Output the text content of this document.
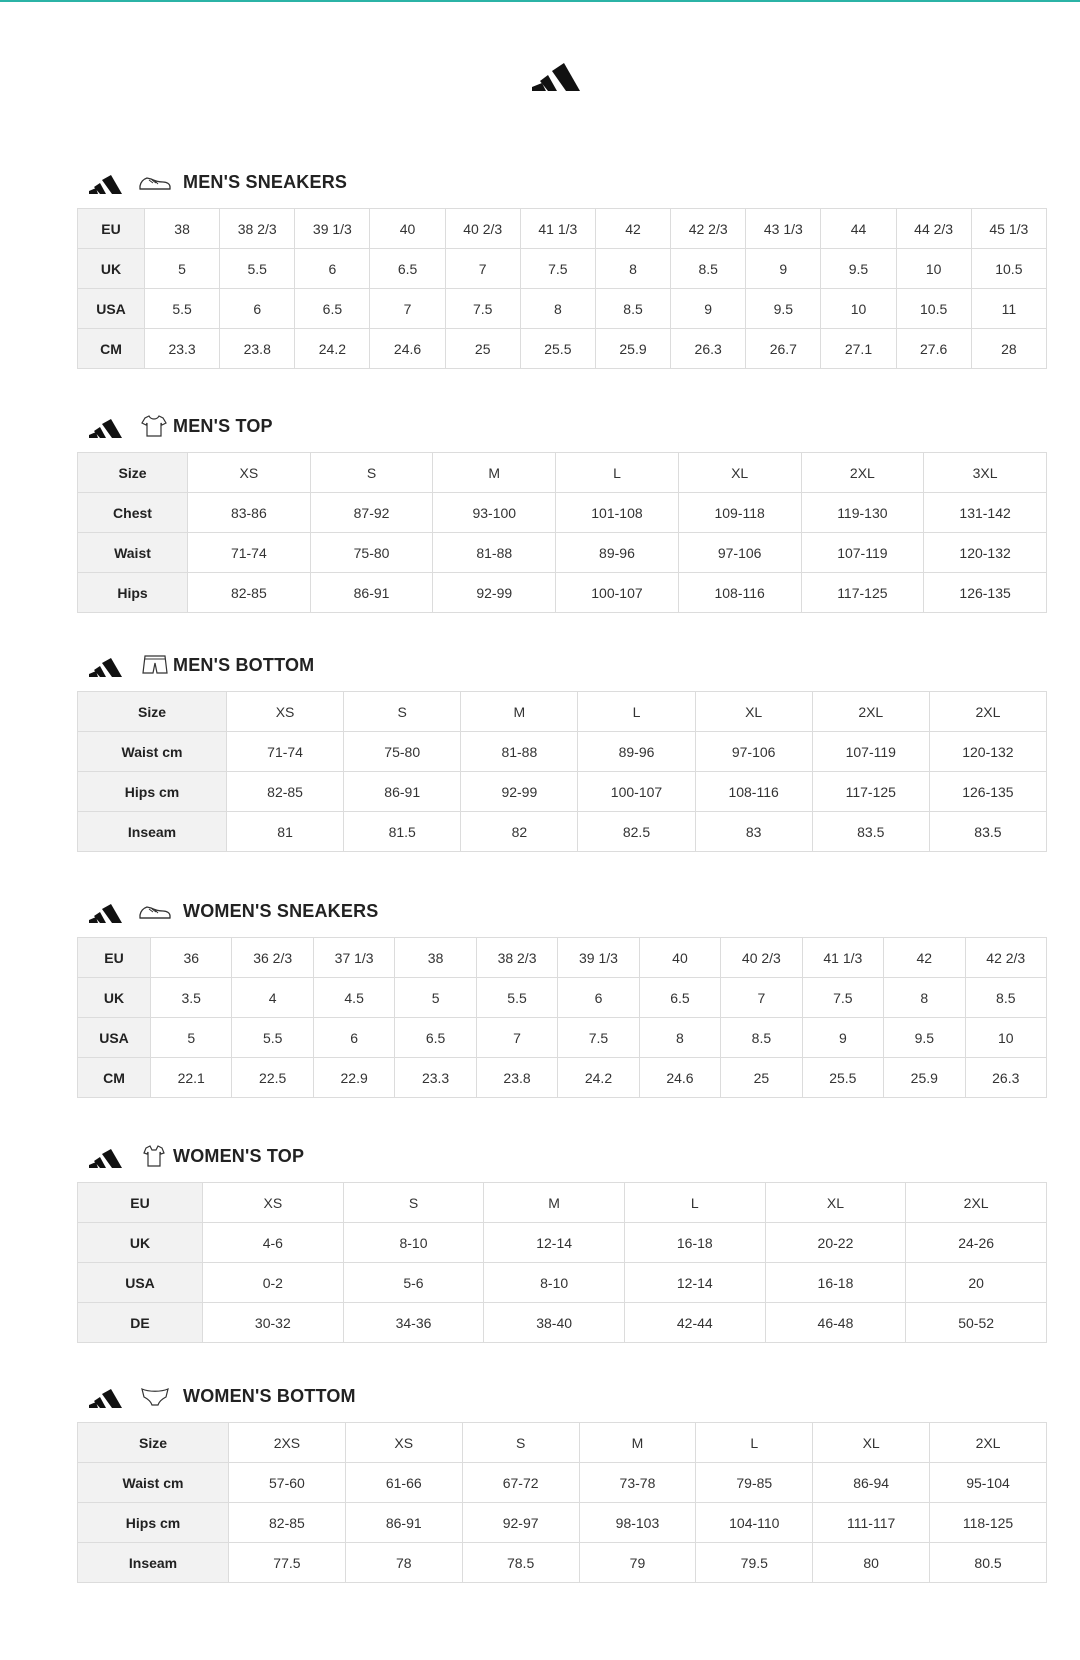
MEN'S SNEAKERS
EU	38	38 2/3	39 1/3	40	40 2/3	41 1/3	42	42 2/3	43 1/3	44	44 2/3	45 1/3
UK	5	5.5	6	6.5	7	7.5	8	8.5	9	9.5	10	10.5
USA	5.5	6	6.5	7	7.5	8	8.5	9	9.5	10	10.5	11
CM	23.3	23.8	24.2	24.6	25	25.5	25.9	26.3	26.7	27.1	27.6	28
MEN'S TOP
Size	XS	S	M	L	XL	2XL	3XL
Chest	83-86	87-92	93-100	101-108	109-118	119-130	131-142
Waist	71-74	75-80	81-88	89-96	97-106	107-119	120-132
Hips	82-85	86-91	92-99	100-107	108-116	117-125	126-135
MEN'S BOTTOM
Size	XS	S	M	L	XL	2XL	2XL
Waist cm	71-74	75-80	81-88	89-96	97-106	107-119	120-132
Hips cm	82-85	86-91	92-99	100-107	108-116	117-125	126-135
Inseam	81	81.5	82	82.5	83	83.5	83.5
WOMEN'S SNEAKERS
EU	36	36 2/3	37 1/3	38	38 2/3	39 1/3	40	40 2/3	41 1/3	42	42 2/3
UK	3.5	4	4.5	5	5.5	6	6.5	7	7.5	8	8.5
USA	5	5.5	6	6.5	7	7.5	8	8.5	9	9.5	10
CM	22.1	22.5	22.9	23.3	23.8	24.2	24.6	25	25.5	25.9	26.3
WOMEN'S TOP
EU	XS	S	M	L	XL	2XL
UK	4-6	8-10	12-14	16-18	20-22	24-26
USA	0-2	5-6	8-10	12-14	16-18	20
DE	30-32	34-36	38-40	42-44	46-48	50-52
WOMEN'S BOTTOM
Size	2XS	XS	S	M	L	XL	2XL
Waist cm	57-60	61-66	67-72	73-78	79-85	86-94	95-104
Hips cm	82-85	86-91	92-97	98-103	104-110	111-117	118-125
Inseam	77.5	78	78.5	79	79.5	80	80.5
